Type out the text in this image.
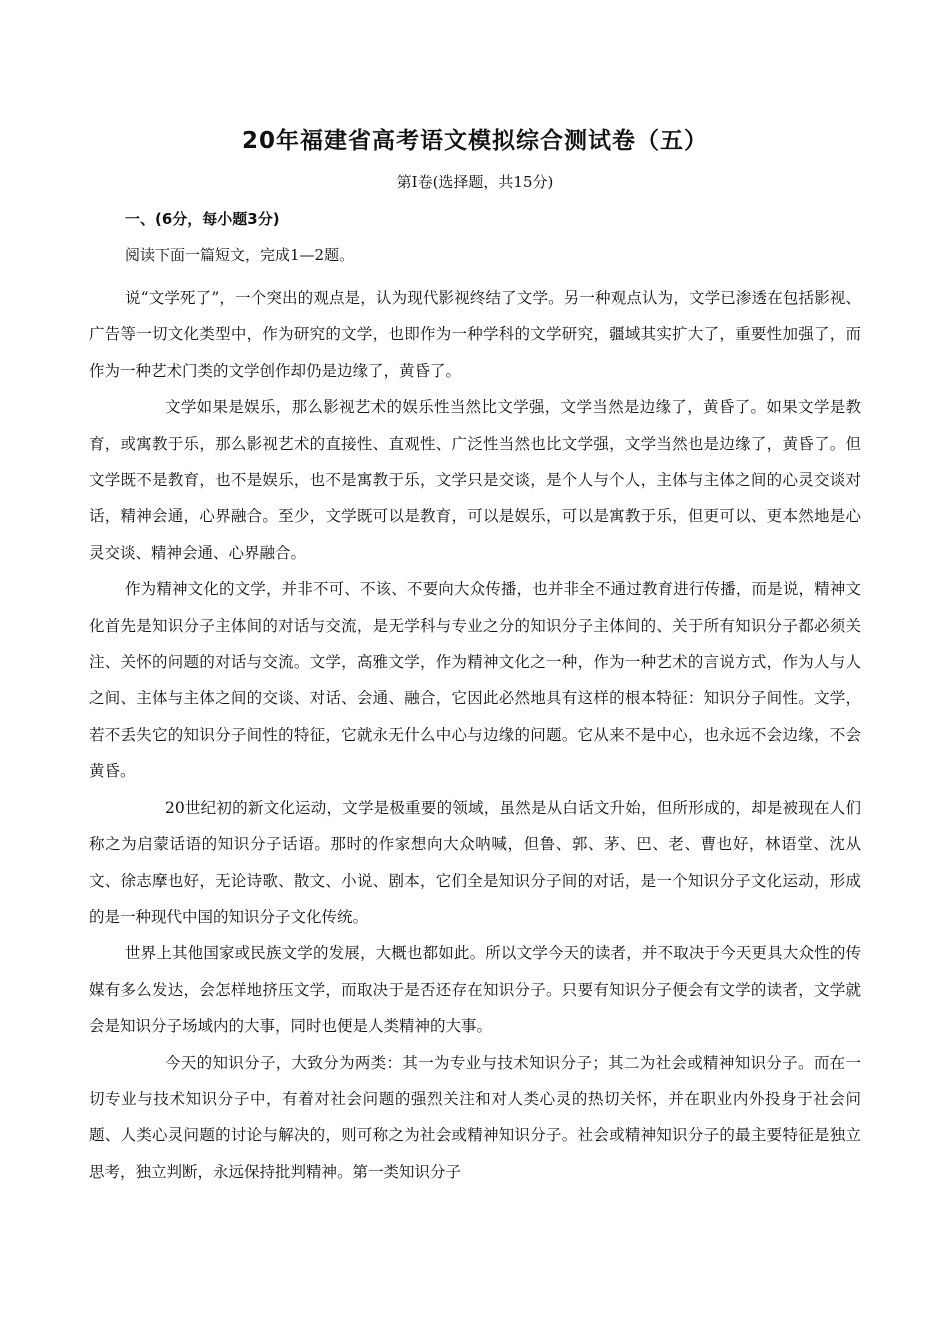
20年福建省高考语文模拟综合测试卷（五）
第Ⅰ卷(选择题，共15分)
一、(6分，每小题3分)
阅读下面一篇短文，完成1—2题。

说“文学死了”，一个突出的观点是，认为现代影视终结了文学。另一种观点认为，文学已渗透在包括影视、广告等一切文化类型中，作为研究的文学，也即作为一种学科的文学研究，疆域其实扩大了，重要性加强了，而作为一种艺术门类的文学创作却仍是边缘了，黄昏了。

文学如果是娱乐，那么影视艺术的娱乐性当然比文学强，文学当然是边缘了，黄昏了。如果文学是教育，或寓教于乐，那么影视艺术的直接性、直观性、广泛性当然也比文学强，文学当然也是边缘了，黄昏了。但文学既不是教育，也不是娱乐，也不是寓教于乐，文学只是交谈，是个人与个人，主体与主体之间的心灵交谈对话，精神会通，心界融合。至少，文学既可以是教育，可以是娱乐，可以是寓教于乐，但更可以、更本然地是心灵交谈、精神会通、心界融合。

作为精神文化的文学，并非不可、不该、不要向大众传播，也并非全不通过教育进行传播，而是说，精神文化首先是知识分子主体间的对话与交流，是无学科与专业之分的知识分子主体间的、关于所有知识分子都必须关注、关怀的问题的对话与交流。文学，高雅文学，作为精神文化之一种，作为一种艺术的言说方式，作为人与人之间、主体与主体之间的交谈、对话、会通、融合，它因此必然地具有这样的根本特征：知识分子间性。文学，若不丢失它的知识分子间性的特征，它就永无什么中心与边缘的问题。它从来不是中心，也永远不会边缘，不会黄昏。

20世纪初的新文化运动，文学是极重要的领域，虽然是从白话文升始，但所形成的，却是被现在人们称之为启蒙话语的知识分子话语。那时的作家想向大众呐喊，但鲁、郭、茅、巴、老、曹也好，林语堂、沈从文、徐志摩也好，无论诗歌、散文、小说、剧本，它们全是知识分子间的对话，是一个知识分子文化运动，形成的是一种现代中国的知识分子文化传统。

世界上其他国家或民族文学的发展，大概也都如此。所以文学今天的读者，并不取决于今天更具大众性的传媒有多么发达，会怎样地挤压文学，而取决于是否还存在知识分子。只要有知识分子便会有文学的读者，文学就会是知识分子场域内的大事，同时也便是人类精神的大事。

今天的知识分子，大致分为两类：其一为专业与技术知识分子；其二为社会或精神知识分子。而在一切专业与技术知识分子中，有着对社会问题的强烈关注和对人类心灵的热切关怀，并在职业内外投身于社会问题、人类心灵问题的讨论与解决的，则可称之为社会或精神知识分子。社会或精神知识分子的最主要特征是独立思考，独立判断，永远保持批判精神。第一类知识分子
